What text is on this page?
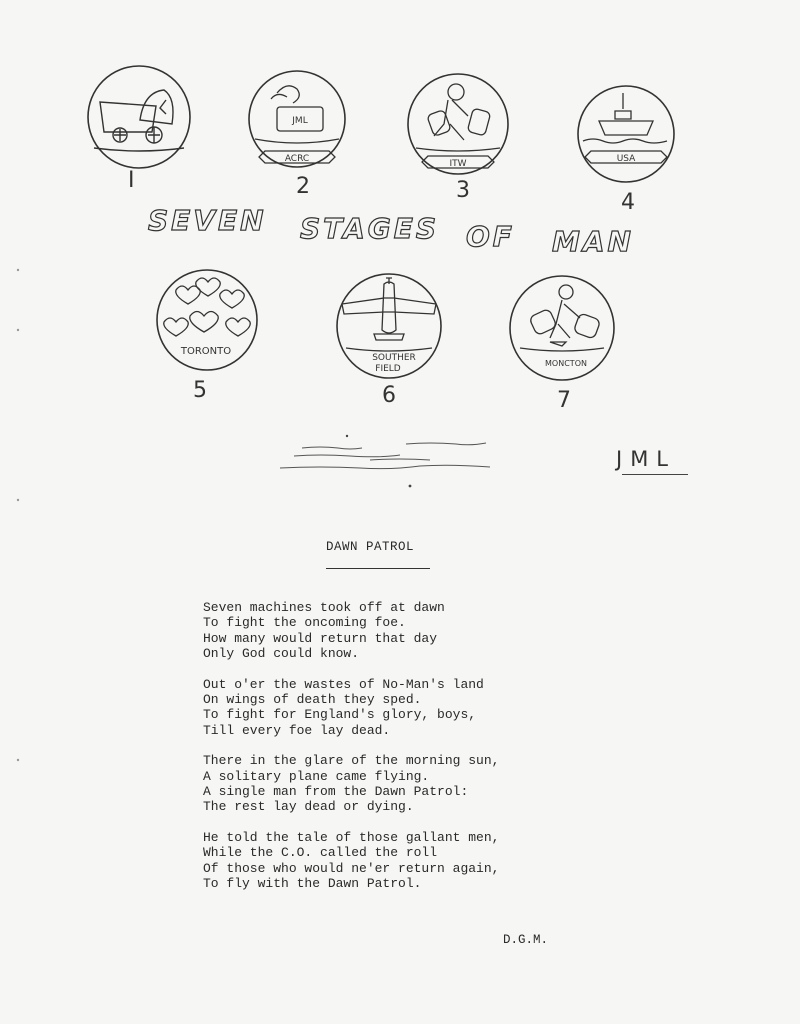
I
JML
ACRC
2
ITW
3
USA
4
SEVEN STAGES OF MAN
TORONTO
5
SOUTHER FIELD
6
MONCTON
7
JML
DAWN PATROL
Seven machines took off at dawn
To fight the oncoming foe.
How many would return that day
Only God could know.
Out o'er the wastes of No-Man's land
On wings of death they sped.
To fight for England's glory, boys,
Till every foe lay dead.
There in the glare of the morning sun,
A solitary plane came flying.
A single man from the Dawn Patrol:
The rest lay dead or dying.
He told the tale of those gallant men,
While the C.O. called the roll
Of those who would ne'er return again,
To fly with the Dawn Patrol.
D.G.M.
